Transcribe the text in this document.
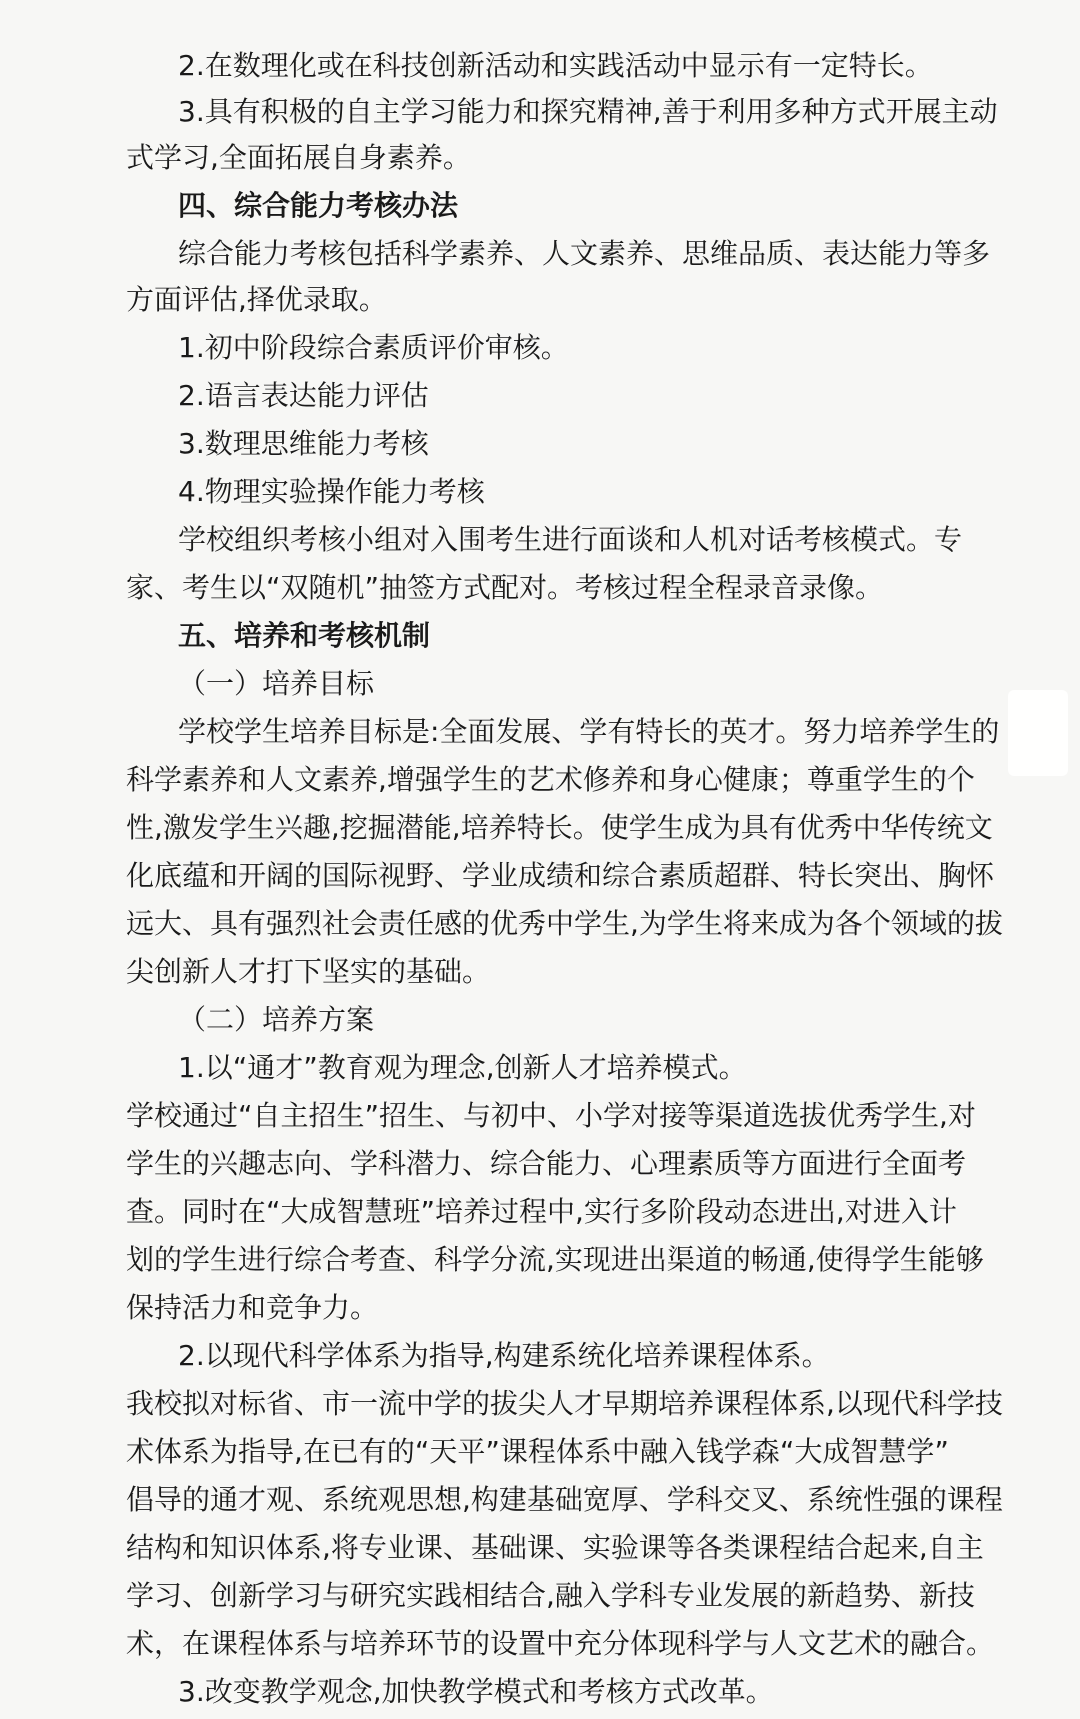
2.在数理化或在科技创新活动和实践活动中显示有一定特长。
3.具有积极的自主学习能力和探究精神,善于利用多种方式开展主动
式学习,全面拓展自身素养。
四、综合能力考核办法
综合能力考核包括科学素养、人文素养、思维品质、表达能力等多
方面评估,择优录取。
1.初中阶段综合素质评价审核。
2.语言表达能力评估
3.数理思维能力考核
4.物理实验操作能力考核
学校组织考核小组对入围考生进行面谈和人机对话考核模式。专
家、考生以“双随机”抽签方式配对。考核过程全程录音录像。
五、培养和考核机制
（一）培养目标
学校学生培养目标是:全面发展、学有特长的英才。努力培养学生的
科学素养和人文素养,增强学生的艺术修养和身心健康；尊重学生的个
性,激发学生兴趣,挖掘潜能,培养特长。使学生成为具有优秀中华传统文
化底蕴和开阔的国际视野、学业成绩和综合素质超群、特长突出、胸怀
远大、具有强烈社会责任感的优秀中学生,为学生将来成为各个领域的拔
尖创新人才打下坚实的基础。
（二）培养方案
1.以“通才”教育观为理念,创新人才培养模式。
学校通过“自主招生”招生、与初中、小学对接等渠道选拔优秀学生,对
学生的兴趣志向、学科潜力、综合能力、心理素质等方面进行全面考
查。同时在“大成智慧班”培养过程中,实行多阶段动态进出,对进入计
划的学生进行综合考查、科学分流,实现进出渠道的畅通,使得学生能够
保持活力和竞争力。
2.以现代科学体系为指导,构建系统化培养课程体系。
我校拟对标省、市一流中学的拔尖人才早期培养课程体系,以现代科学技
术体系为指导,在已有的“天平”课程体系中融入钱学森“大成智慧学”
倡导的通才观、系统观思想,构建基础宽厚、学科交叉、系统性强的课程
结构和知识体系,将专业课、基础课、实验课等各类课程结合起来,自主
学习、创新学习与研究实践相结合,融入学科专业发展的新趋势、新技
术，在课程体系与培养环节的设置中充分体现科学与人文艺术的融合。
3.改变教学观念,加快教学模式和考核方式改革。
